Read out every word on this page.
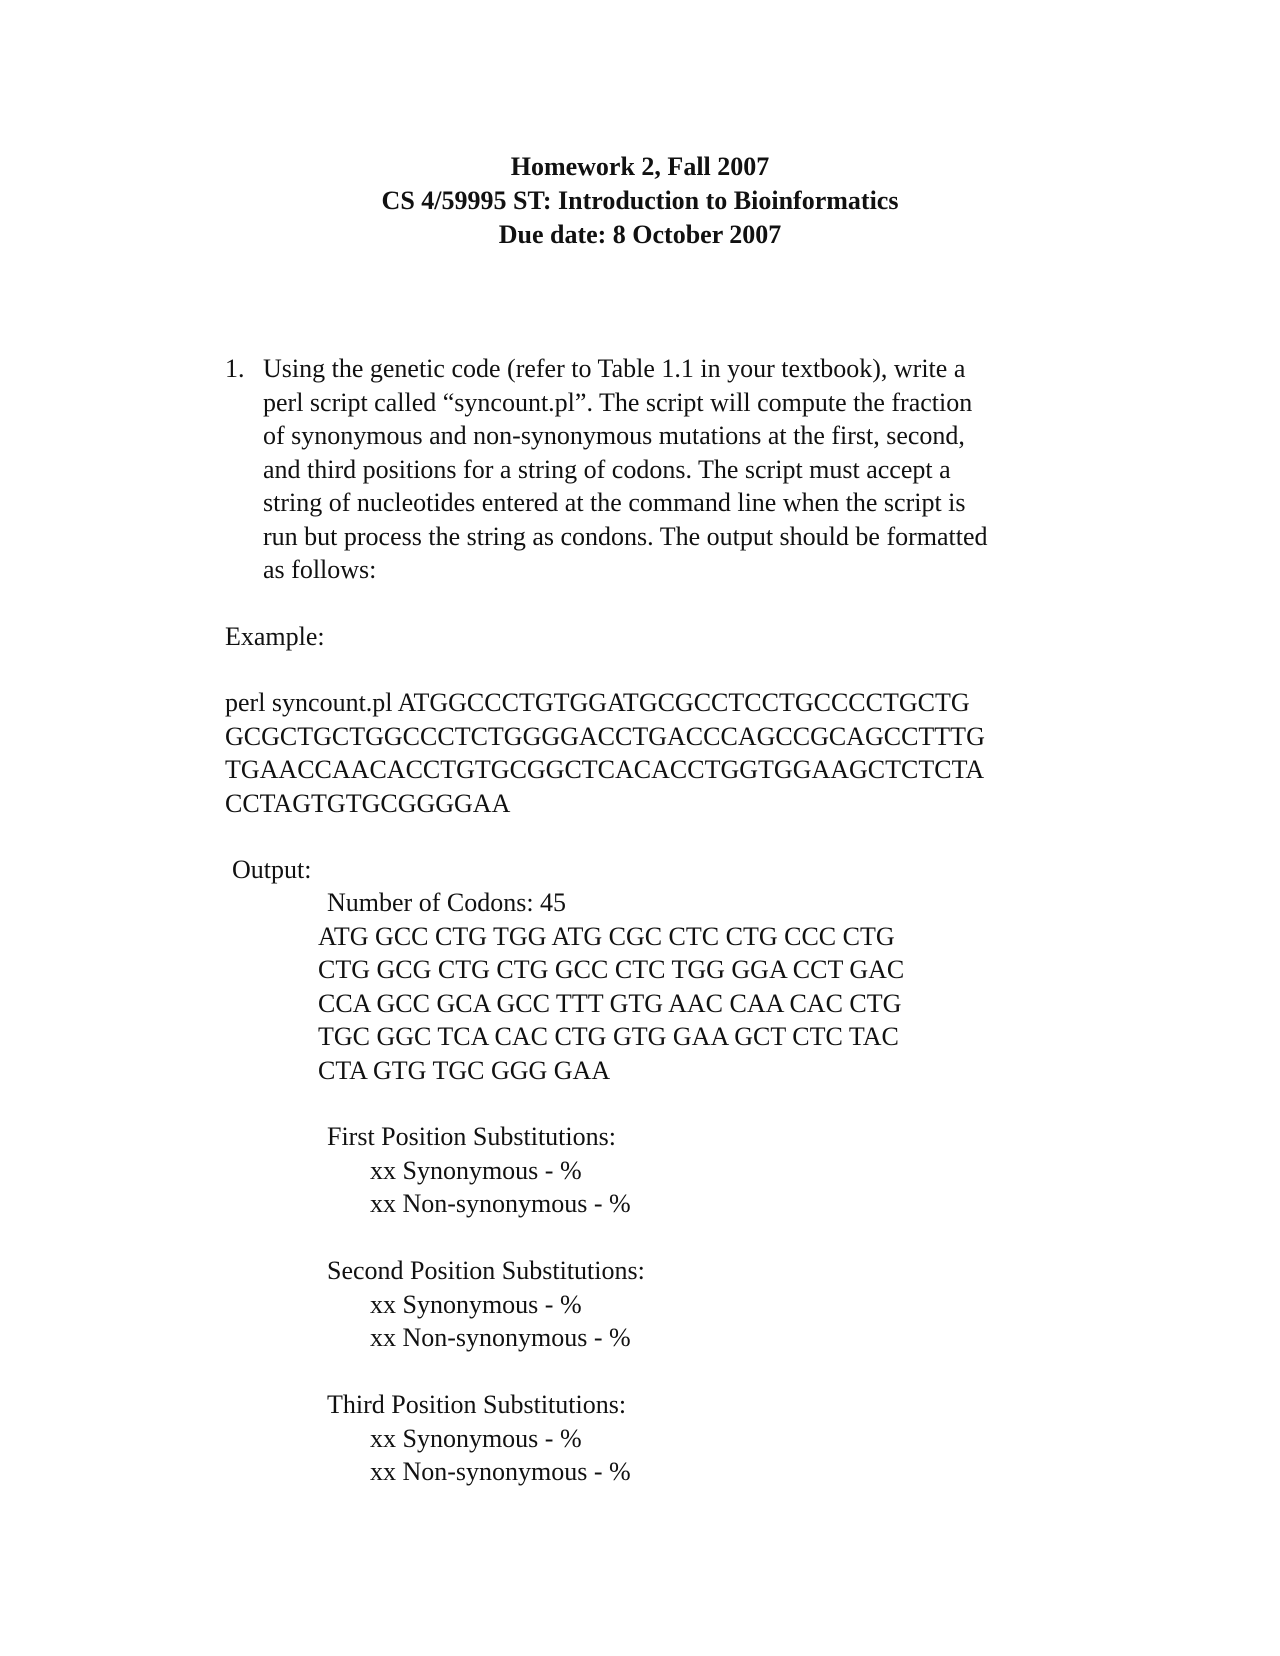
Homework 2, Fall 2007
CS 4/59995 ST: Introduction to Bioinformatics
Due date: 8 October 2007
1. Using the genetic code (refer to Table 1.1 in your textbook), write a
perl script called “syncount.pl”. The script will compute the fraction
of synonymous and non-synonymous mutations at the first, second,
and third positions for a string of codons. The script must accept a
string of nucleotides entered at the command line when the script is
run but process the string as condons. The output should be formatted
as follows:
Example:
perl syncount.pl ATGGCCCTGTGGATGCGCCTCCTGCCCCTGCTG
GCGCTGCTGGCCCTCTGGGGACCTGACCCAGCCGCAGCCTTTG
TGAACCAACACCTGTGCGGCTCACACCTGGTGGAAGCTCTCTA
CCTAGTGTGCGGGGAA
Output:
Number of Codons: 45
ATG GCC CTG TGG ATG CGC CTC CTG CCC CTG
CTG GCG CTG CTG GCC CTC TGG GGA CCT GAC
CCA GCC GCA GCC TTT GTG AAC CAA CAC CTG
TGC GGC TCA CAC CTG GTG GAA GCT CTC TAC
CTA GTG TGC GGG GAA
First Position Substitutions:
xx Synonymous - %
xx Non-synonymous - %
Second Position Substitutions:
xx Synonymous - %
xx Non-synonymous - %
Third Position Substitutions:
xx Synonymous - %
xx Non-synonymous - %
